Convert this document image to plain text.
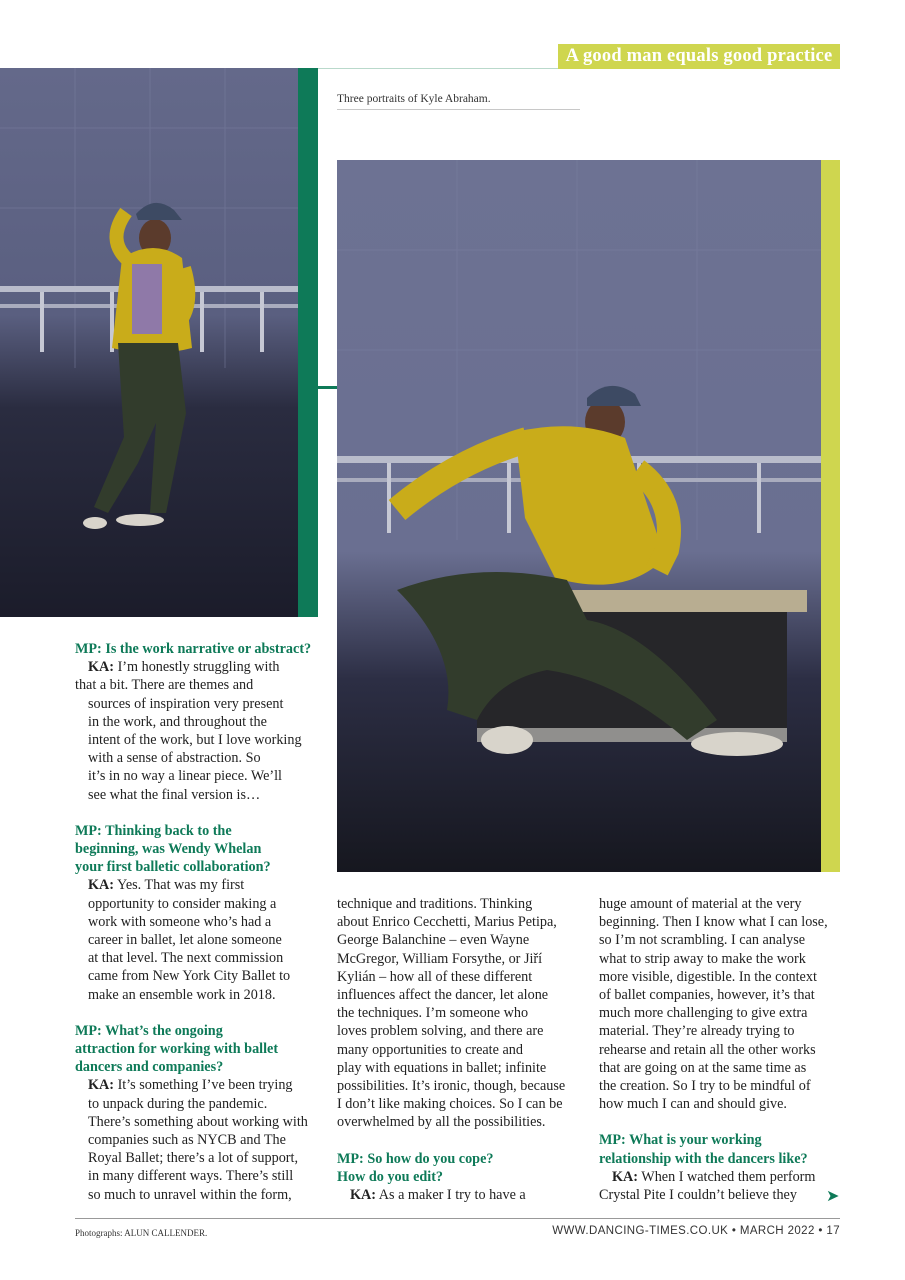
A good man equals good practice
Three portraits of Kyle Abraham.

MP: Is the work narrative or abstract?

KA: I’m honestly struggling with
that a bit. There are themes and
sources of inspiration very present
in the work, and throughout the
intent of the work, but I love working
with a sense of abstraction. So
it’s in no way a linear piece. We’ll
see what the final version is…

MP: Thinking back to the
beginning, was Wendy Whelan
your first balletic collaboration?

KA: Yes. That was my first
opportunity to consider making a
work with someone who’s had a
career in ballet, let alone someone
at that level. The next commission
came from New York City Ballet to
make an ensemble work in 2018.

MP: What’s the ongoing
attraction for working with ballet
dancers and companies?

KA: It’s something I’ve been trying
to unpack during the pandemic.
There’s something about working with
companies such as NYCB and The
Royal Ballet; there’s a lot of support,
in many different ways. There’s still
so much to unravel within the form,

technique and traditions. Thinking
about Enrico Cecchetti, Marius Petipa,
George Balanchine – even Wayne
McGregor, William Forsythe, or Jiří
Kylián – how all of these different
influences affect the dancer, let alone
the techniques. I’m someone who
loves problem solving, and there are
many opportunities to create and
play with equations in ballet; infinite
possibilities. It’s ironic, though, because
I don’t like making choices. So I can be
overwhelmed by all the possibilities.

MP: So how do you cope?
How do you edit?

KA: As a maker I try to have a

huge amount of material at the very
beginning. Then I know what I can lose,
so I’m not scrambling. I can analyse
what to strip away to make the work
more visible, digestible. In the context
of ballet companies, however, it’s that
much more challenging to give extra
material. They’re already trying to
rehearse and retain all the other works
that are going on at the same time as
the creation. So I try to be mindful of
how much I can and should give.

MP: What is your working
relationship with the dancers like?

KA: When I watched them perform
Crystal Pite I couldn’t believe they	➤
Photographs: ALUN CALLENDER.	WWW.DANCING-TIMES.CO.UK • MARCH 2022 • 17
